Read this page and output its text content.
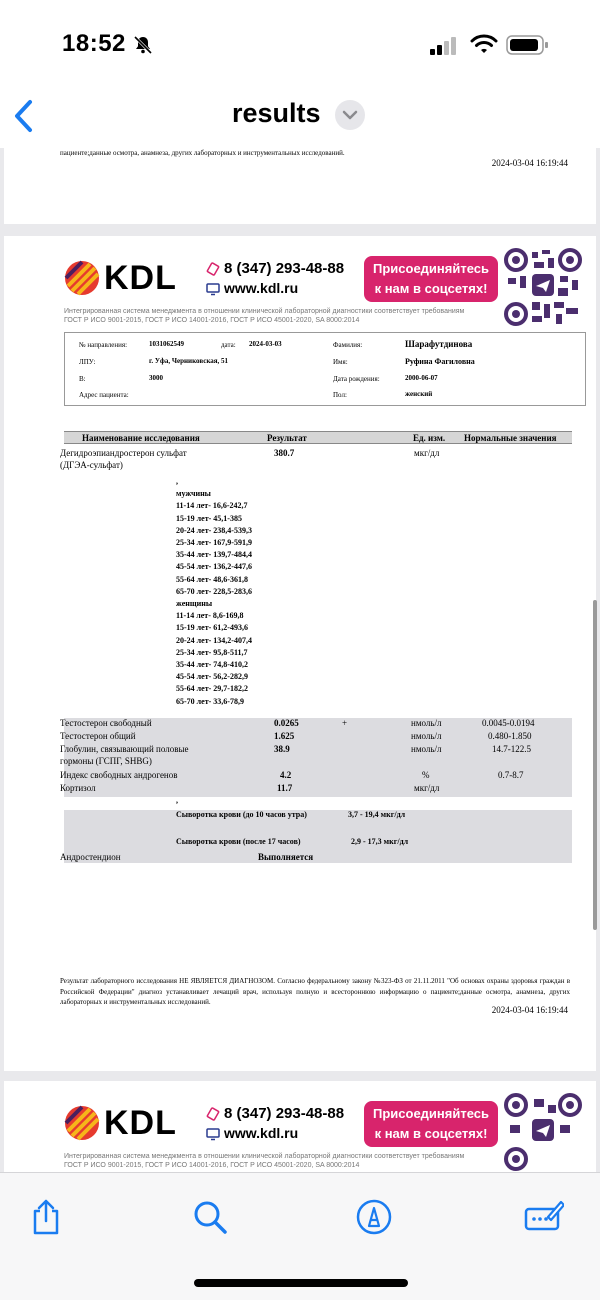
18:52
results
пациенте;данные осмотра, анамнеза, других лабораторных и инструментальных исследований.
2024-03-04 16:19:44
KDL	8 (347) 293-48-88
www.kdl.ru
Присоединяйтесь
к нам в соцсетях!
Интегрированная система менеджмента в отношении клинической лабораторной диагностики соответствует требованиям
ГОСТ Р ИСО 9001-2015, ГОСТ Р ИСО 14001-2016, ГОСТ Р ИСО 45001-2020, SA 8000:2014
№ направления:	1031062549	дата: 2024-03-03	Фамилия:	Шарафутдинова
ЛПУ:	г. Уфа, Черниковская, 51	Имя:	Руфина Фагиловна
В:	3000	Дата рождения:	2000-06-07
Адрес пациента:	Пол:	женский
Наименование исследования	Результат	Ед. изм. Нормальные значения
Дегидроэпиандростерон сульфат
(ДГЭА-сульфат)
380.7	мкг/дл
,
мужчины
11-14 лет- 16,6-242,7
15-19 лет- 45,1-385
20-24 лет- 238,4-539,3
25-34 лет- 167,9-591,9
35-44 лет- 139,7-484,4
45-54 лет- 136,2-447,6
55-64 лет- 48,6-361,8
65-70 лет- 228,5-283,6
женщины
11-14 лет- 8,6-169,8
15-19 лет- 61,2-493,6
20-24 лет- 134,2-407,4
25-34 лет- 95,8-511,7
35-44 лет- 74,8-410,2
45-54 лет- 56,2-282,9
55-64 лет- 29,7-182,2
65-70 лет- 33,6-78,9
Тестостерон свободный	0.0265	+	нмоль/л	0.0045-0.0194
Тестостерон общий	1.625	нмоль/л	0.480-1.850
Глобулин, связывающий половые
гормоны (ГСПГ, SHBG)
38.9	нмоль/л	14.7-122.5
Индекс свободных андрогенов	4.2	%	0.7-8.7
Кортизол	11.7	мкг/дл
,
Сыворотка крови (до 10 часов утра)	3,7 - 19,4 мкг/дл
Сыворотка крови (после 17 часов)	2,9 - 17,3 мкг/дл
Андростендион	Выполняется
Результат лабораторного исследования НЕ ЯВЛЯЕТСЯ ДИАГНОЗОМ. Согласно федеральному закону №323-ФЗ от 21.11.2011 "Об основах охраны здоровья граждан в Российской Федерации" диагноз устанавливает лечащий врач, используя полную и всестороннюю информацию о пациенте;данные осмотра, анамнеза, других лабораторных и инструментальных исследований.
2024-03-04 16:19:44
KDL	8 (347) 293-48-88
www.kdl.ru
Присоединяйтесь
к нам в соцсетях!
Интегрированная система менеджмента в отношении клинической лабораторной диагностики соответствует требованиям
ГОСТ Р ИСО 9001-2015, ГОСТ Р ИСО 14001-2016, ГОСТ Р ИСО 45001-2020, SA 8000:2014
